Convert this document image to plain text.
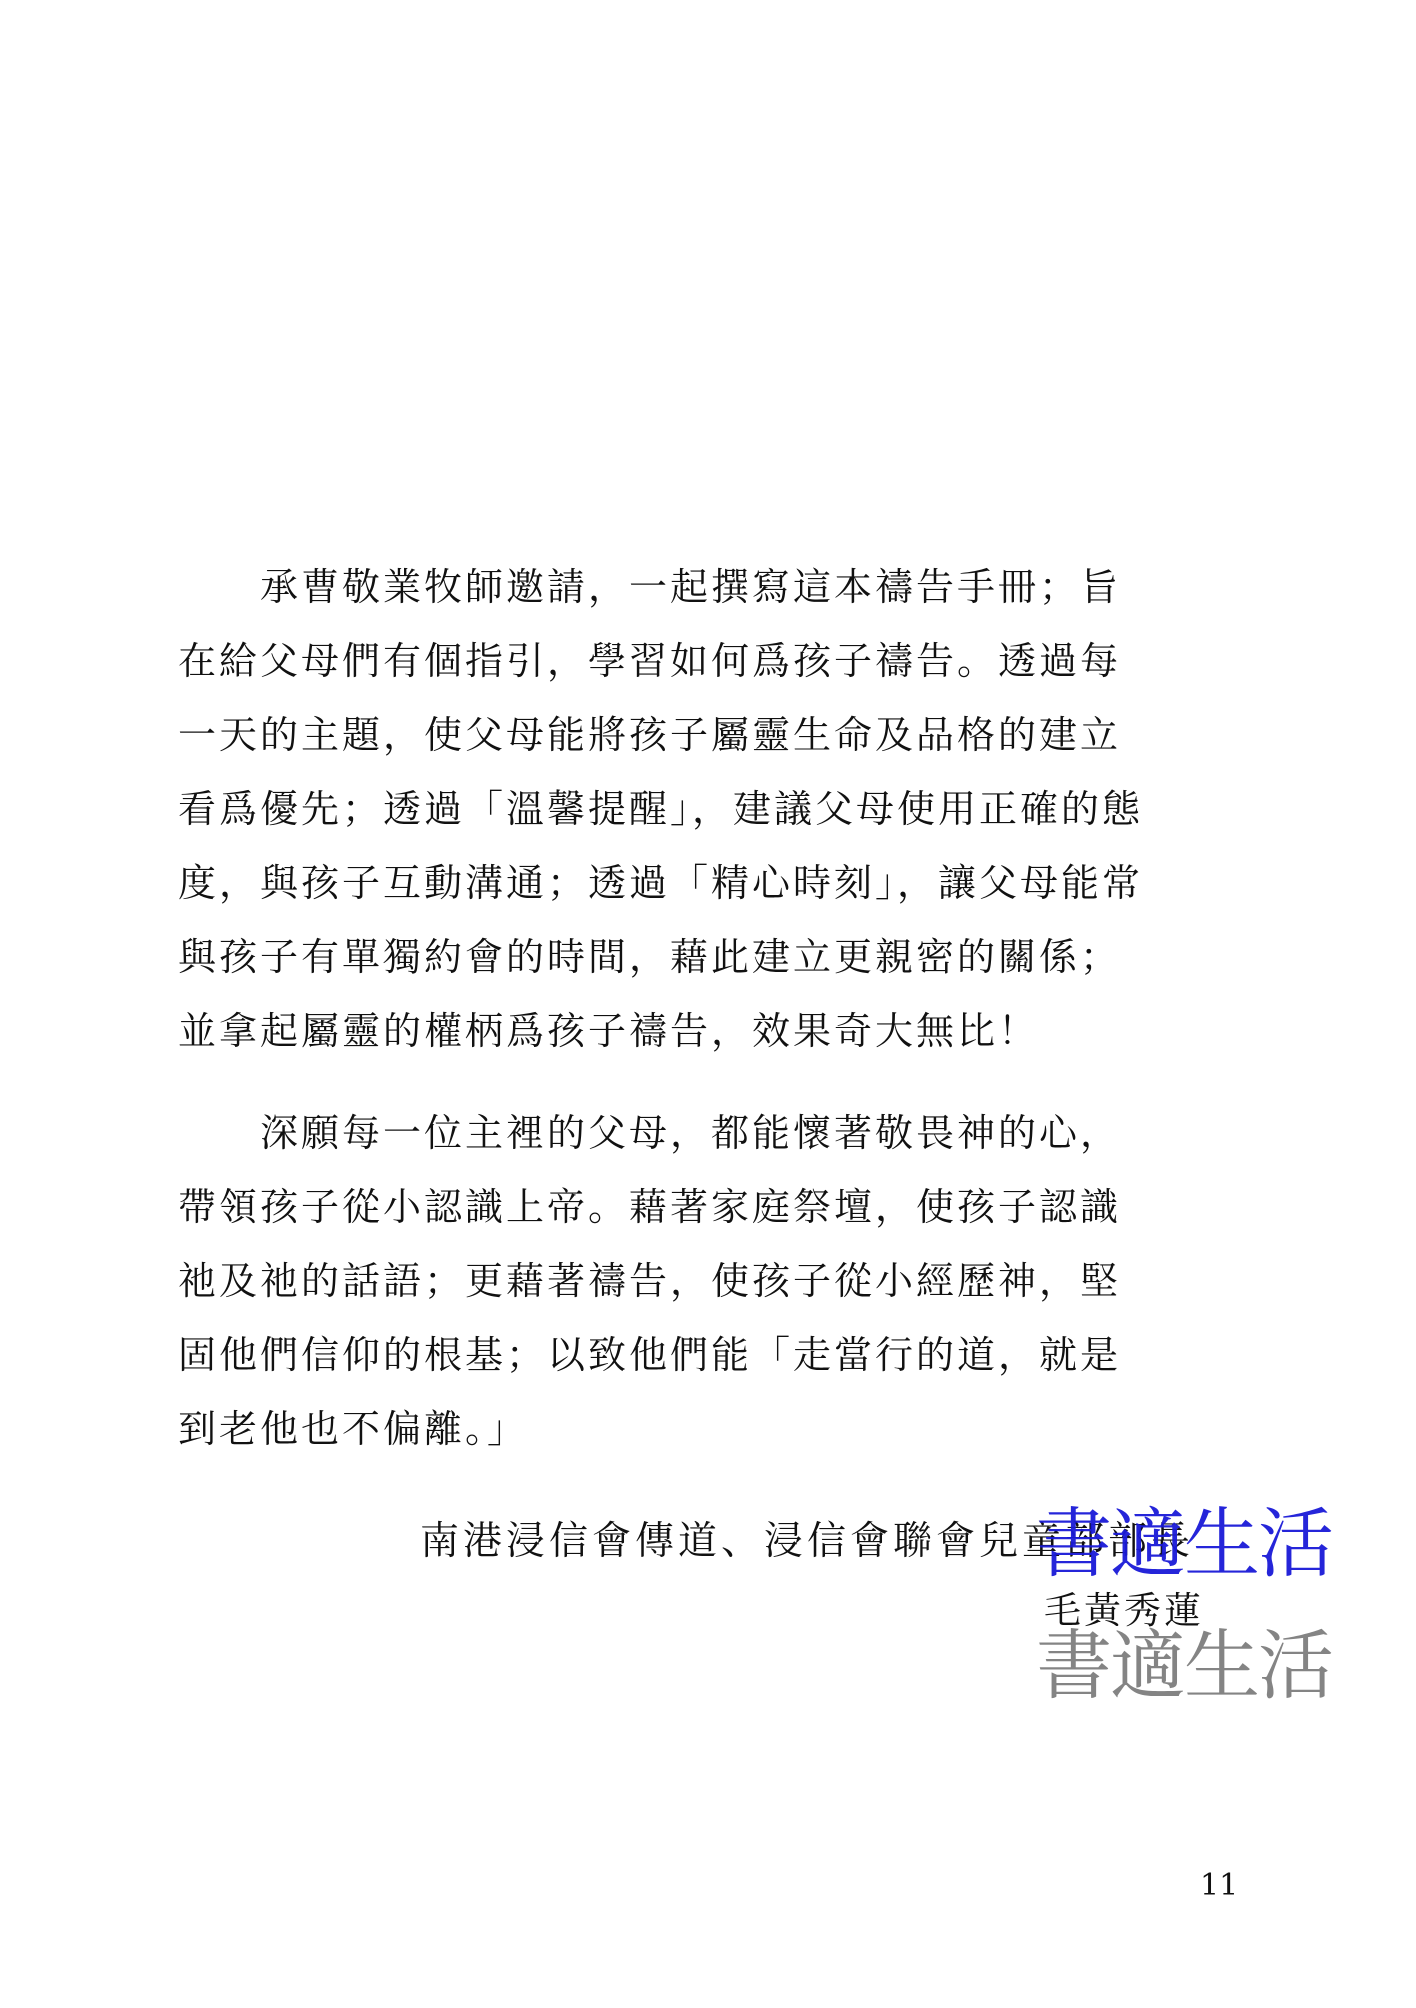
承曹敬業牧師邀請，一起撰寫這本禱告手冊；旨
在給父母們有個指引，學習如何爲孩子禱告。透過每
一天的主題，使父母能將孩子屬靈生命及品格的建立
看爲優先；透過「溫馨提醒」，建議父母使用正確的態
度，與孩子互動溝通；透過「精心時刻」，讓父母能常
與孩子有單獨約會的時間，藉此建立更親密的關係；
並拿起屬靈的權柄爲孩子禱告，效果奇大無比！

深願每一位主裡的父母，都能懷著敬畏神的心，
帶領孩子從小認識上帝。藉著家庭祭壇，使孩子認識
祂及祂的話語；更藉著禱告，使孩子從小經歷神，堅
固他們信仰的根基；以致他們能「走當行的道，就是
到老他也不偏離。」

南港浸信會傳道、浸信會聯會兒童部部長
書適生活
毛黃秀蓮
書適生活
11
